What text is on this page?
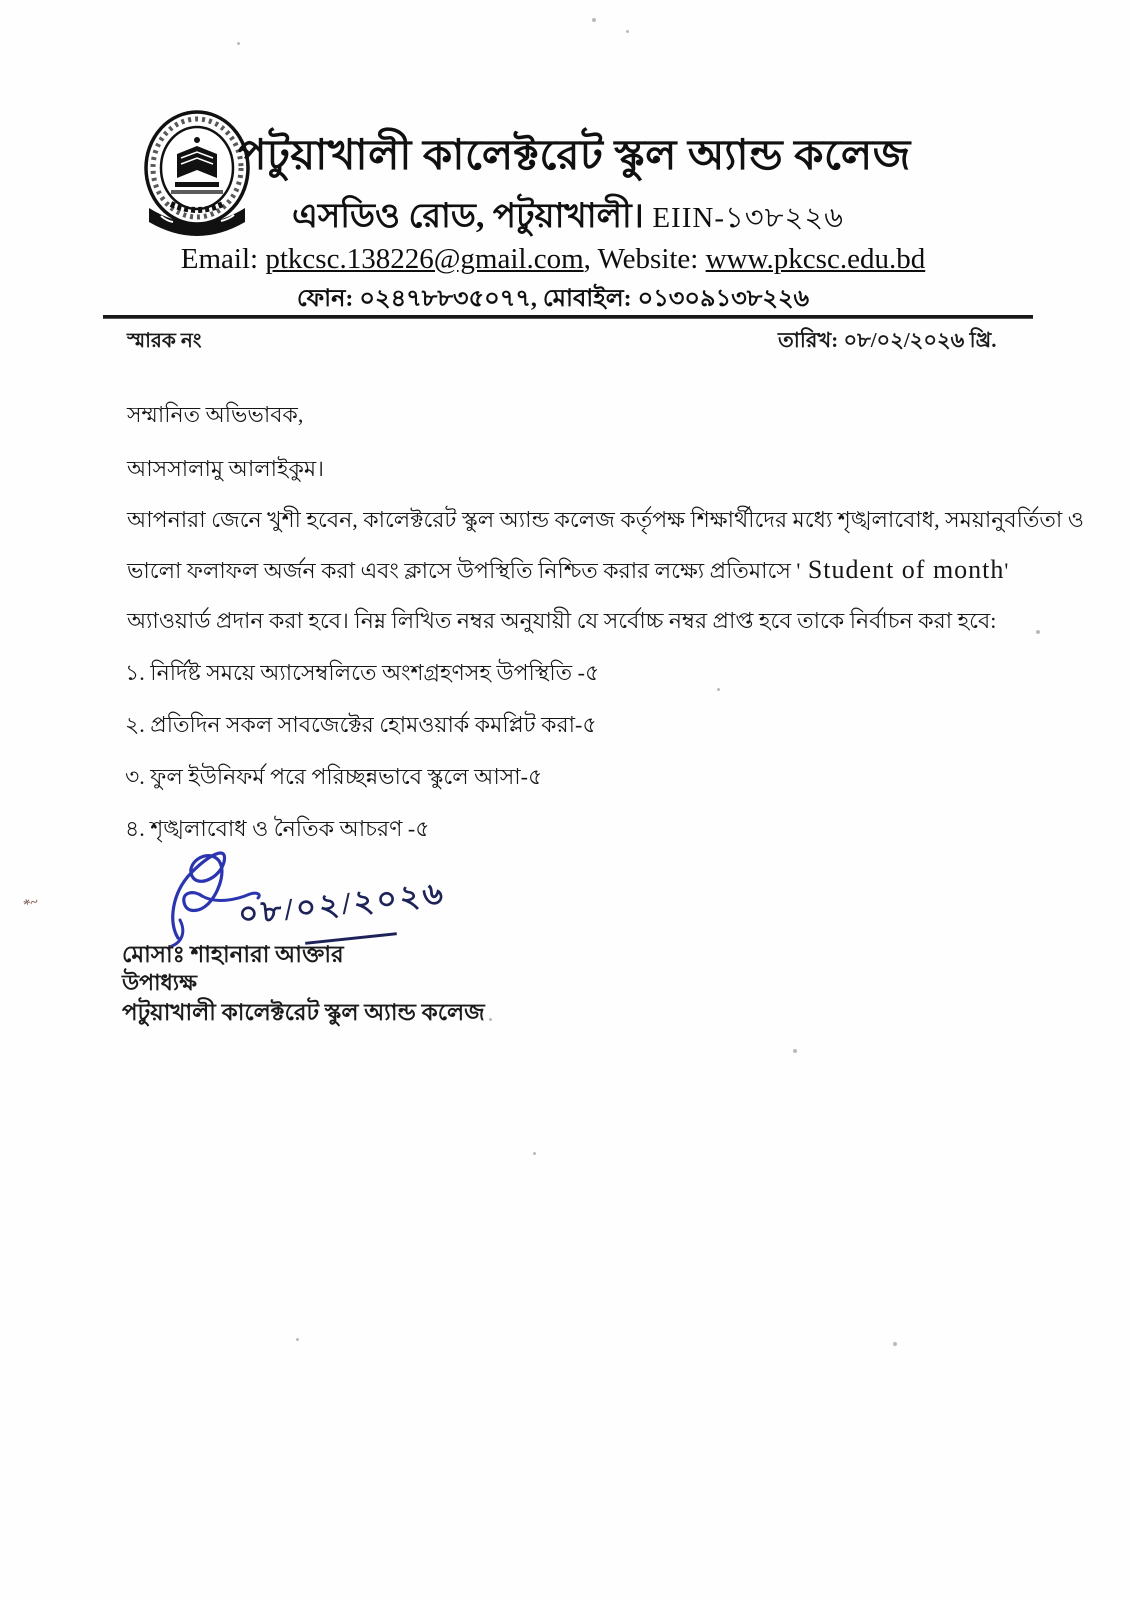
পটুয়াখালী কালেক্টরেট স্কুল অ্যান্ড কলেজ
এসডিও রোড, পটুয়াখালী। EIIN-১৩৮২২৬
Email: ptkcsc.138226@gmail.com, Website: www.pkcsc.edu.bd
ফোন: ০২৪৭৮৮৩৫০৭৭, মোবাইল: ০১৩০৯১৩৮২২৬
স্মারক নং	তারিখ: ০৮/০২/২০২৬ খ্রি.
সম্মানিত অভিভাবক,
আসসালামু আলাইকুম।
আপনারা জেনে খুশী হবেন, কালেক্টরেট স্কুল অ্যান্ড কলেজ কর্তৃপক্ষ শিক্ষার্থীদের মধ্যে শৃঙ্খলাবোধ, সময়ানুবর্তিতা ও
ভালো ফলাফল অর্জন করা এবং ক্লাসে উপস্থিতি নিশ্চিত করার লক্ষ্যে প্রতিমাসে ' Student of month'
অ্যাওয়ার্ড প্রদান করা হবে। নিম্ন লিখিত নম্বর অনুযায়ী যে সর্বোচ্চ নম্বর প্রাপ্ত হবে তাকে নির্বাচন করা হবে:
১. নির্দিষ্ট সময়ে অ্যাসেম্বলিতে অংশগ্রহণসহ উপস্থিতি -৫
২. প্রতিদিন সকল সাবজেক্টের হোমওয়ার্ক কমপ্লিট করা-৫
৩. ফুল ইউনিফর্ম পরে পরিচ্ছন্নভাবে স্কুলে আসা-৫
৪. শৃঙ্খলাবোধ ও নৈতিক আচরণ -৫
০৮/০২/২০২৬
মোসাঃ শাহানারা আক্তার
উপাধ্যক্ষ
পটুয়াখালী কালেক্টরেট স্কুল অ্যান্ড কলেজ
*~
